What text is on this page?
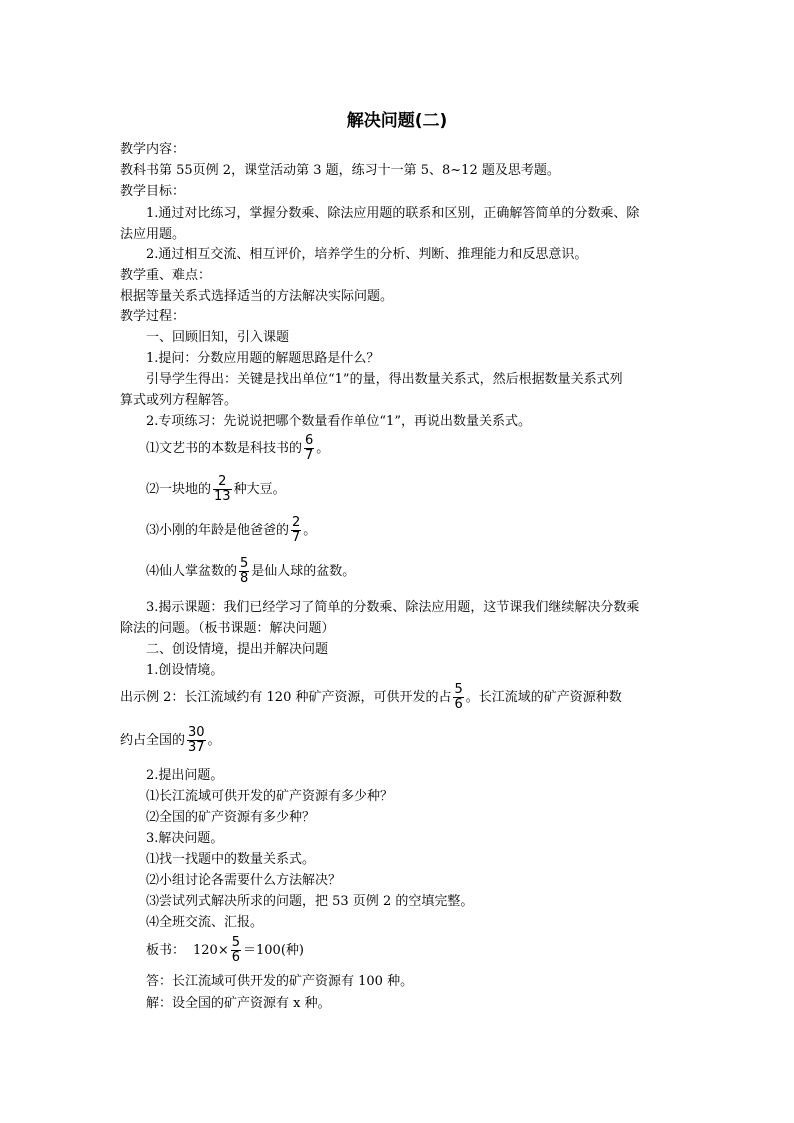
解决问题(二)
教学内容：
教科书第 55页例 2，课堂活动第 3 题，练习十一第 5、8~12 题及思考题。
教学目标：
1.通过对比练习，掌握分数乘、除法应用题的联系和区别，正确解答简单的分数乘、除
法应用题。
2.通过相互交流、相互评价，培养学生的分析、判断、推理能力和反思意识。
教学重、难点：
根据等量关系式选择适当的方法解决实际问题。
教学过程：
一、回顾旧知，引入课题
1.提问：分数应用题的解题思路是什么？
引导学生得出：关键是找出单位“1”的量，得出数量关系式，然后根据数量关系式列
算式或列方程解答。
2.专项练习：先说说把哪个数量看作单位“1”，再说出数量关系式。
⑴文艺书的本数是科技书的 $\frac{6}{7}$ 。
⑵一块地的 $\frac{2}{13}$ 种大豆。
⑶小刚的年龄是他爸爸的 $\frac{2}{7}$ 。
⑷仙人掌盆数的 $\frac{5}{8}$ 是仙人球的盆数。
3.揭示课题：我们已经学习了简单的分数乘、除法应用题，这节课我们继续解决分数乘
除法的问题。（板书课题：解决问题）
二、创设情境，提出并解决问题
1.创设情境。
出示例 2：长江流域约有 120 种矿产资源，可供开发的占 $\frac{5}{6}$ 。长江流域的矿产资源种数
约占全国的 $\frac{30}{37}$ 。
2.提出问题。
⑴长江流域可供开发的矿产资源有多少种？
⑵全国的矿产资源有多少种？
3.解决问题。
⑴找一找题中的数量关系式。
⑵小组讨论各需要什么方法解决？
⑶尝试列式解决所求的问题，把 53 页例 2 的空填完整。
⑷全班交流、汇报。
板书： $120\times \frac{5}{6} =100$(种)
答：长江流域可供开发的矿产资源有 100 种。
解：设全国的矿产资源有 x 种。
